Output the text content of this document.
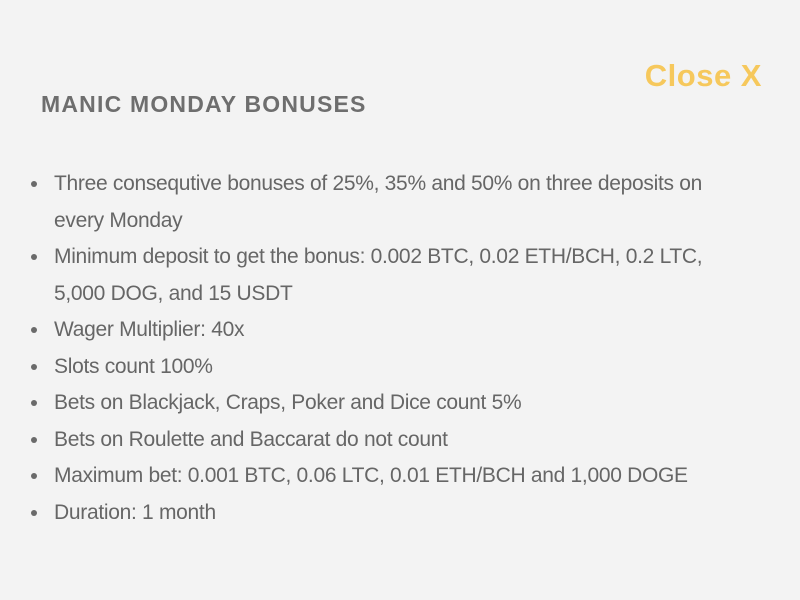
Close X
MANIC MONDAY BONUSES
Three consequtive bonuses of 25%, 35% and 50% on three deposits on every Monday
Minimum deposit to get the bonus: 0.002 BTC, 0.02 ETH/BCH, 0.2 LTC, 5,000 DOG, and 15 USDT
Wager Multiplier: 40x
Slots count 100%
Bets on Blackjack, Craps, Poker and Dice count 5%
Bets on Roulette and Baccarat do not count
Maximum bet: 0.001 BTC, 0.06 LTC, 0.01 ETH/BCH and 1,000 DOGE
Duration: 1 month
